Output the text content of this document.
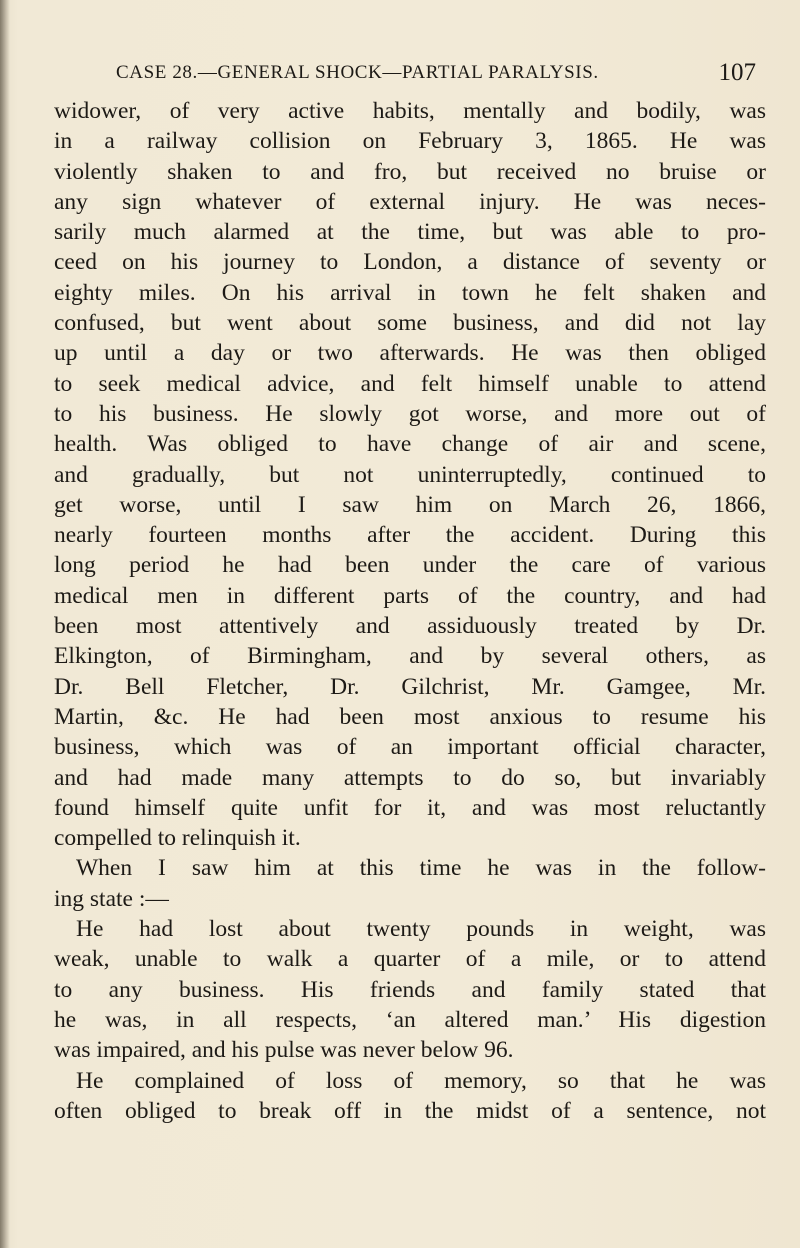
CASE 28.—GENERAL SHOCK—PARTIAL PARALYSIS.	107
widower, of very active habits, mentally and bodily, was
in a railway collision on February 3, 1865. He was
violently shaken to and fro, but received no bruise or
any sign whatever of external injury. He was neces-
sarily much alarmed at the time, but was able to pro-
ceed on his journey to London, a distance of seventy or
eighty miles. On his arrival in town he felt shaken and
confused, but went about some business, and did not lay
up until a day or two afterwards. He was then obliged
to seek medical advice, and felt himself unable to attend
to his business. He slowly got worse, and more out of
health. Was obliged to have change of air and scene,
and gradually, but not uninterruptedly, continued to
get worse, until I saw him on March 26, 1866,
nearly fourteen months after the accident. During this
long period he had been under the care of various
medical men in different parts of the country, and had
been most attentively and assiduously treated by Dr.
Elkington, of Birmingham, and by several others, as
Dr. Bell Fletcher, Dr. Gilchrist, Mr. Gamgee, Mr.
Martin, &c. He had been most anxious to resume his
business, which was of an important official character,
and had made many attempts to do so, but invariably
found himself quite unfit for it, and was most reluctantly
compelled to relinquish it.
When I saw him at this time he was in the follow-
ing state :—
He had lost about twenty pounds in weight, was
weak, unable to walk a quarter of a mile, or to attend
to any business. His friends and family stated that
he was, in all respects, ‘an altered man.’ His digestion
was impaired, and his pulse was never below 96.
He complained of loss of memory, so that he was
often obliged to break off in the midst of a sentence, not
